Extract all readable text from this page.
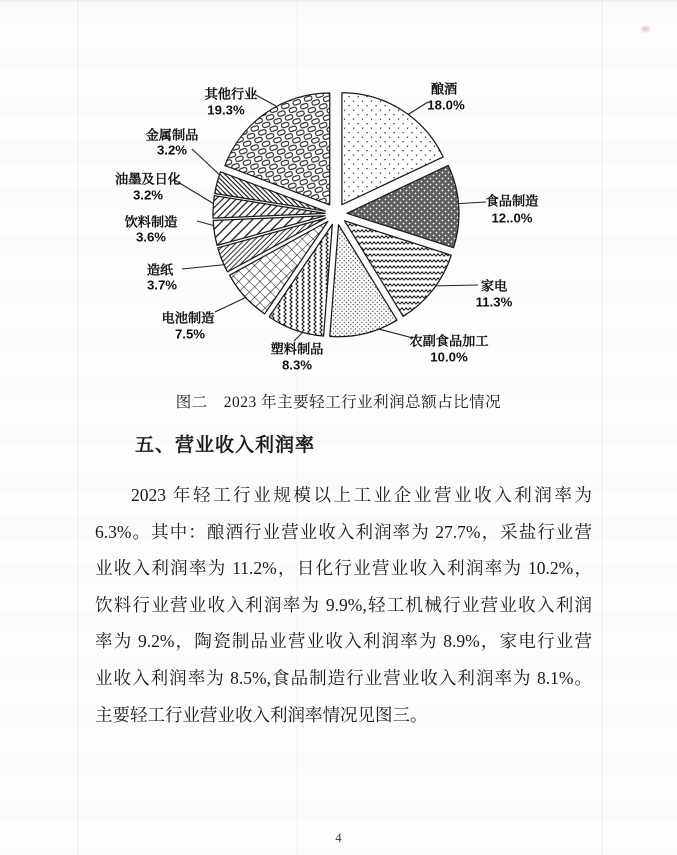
酿酒
18.0%
食品制造
12..0%
家电
11.3%
农副食品加工
10.0%
塑料制品
8.3%
电池制造
7.5%
造纸
3.7%
饮料制造
3.6%
油墨及日化
3.2%
金属制品
3.2%
其他行业
19.3%
图二　2023 年主要轻工行业利润总额占比情况
五、营业收入利润率
2023 年轻工行业规模以上工业企业营业收入利润率为
6.3%。其中：酿酒行业营业收入利润率为 27.7%，采盐行业营
业收入利润率为 11.2%，日化行业营业收入利润率为 10.2%，
饮料行业营业收入利润率为 9.9%,轻工机械行业营业收入利润
率为 9.2%，陶瓷制品业营业收入利润率为 8.9%，家电行业营
业收入利润率为 8.5%,食品制造行业营业收入利润率为 8.1%。
主要轻工行业营业收入利润率情况见图三。
4
